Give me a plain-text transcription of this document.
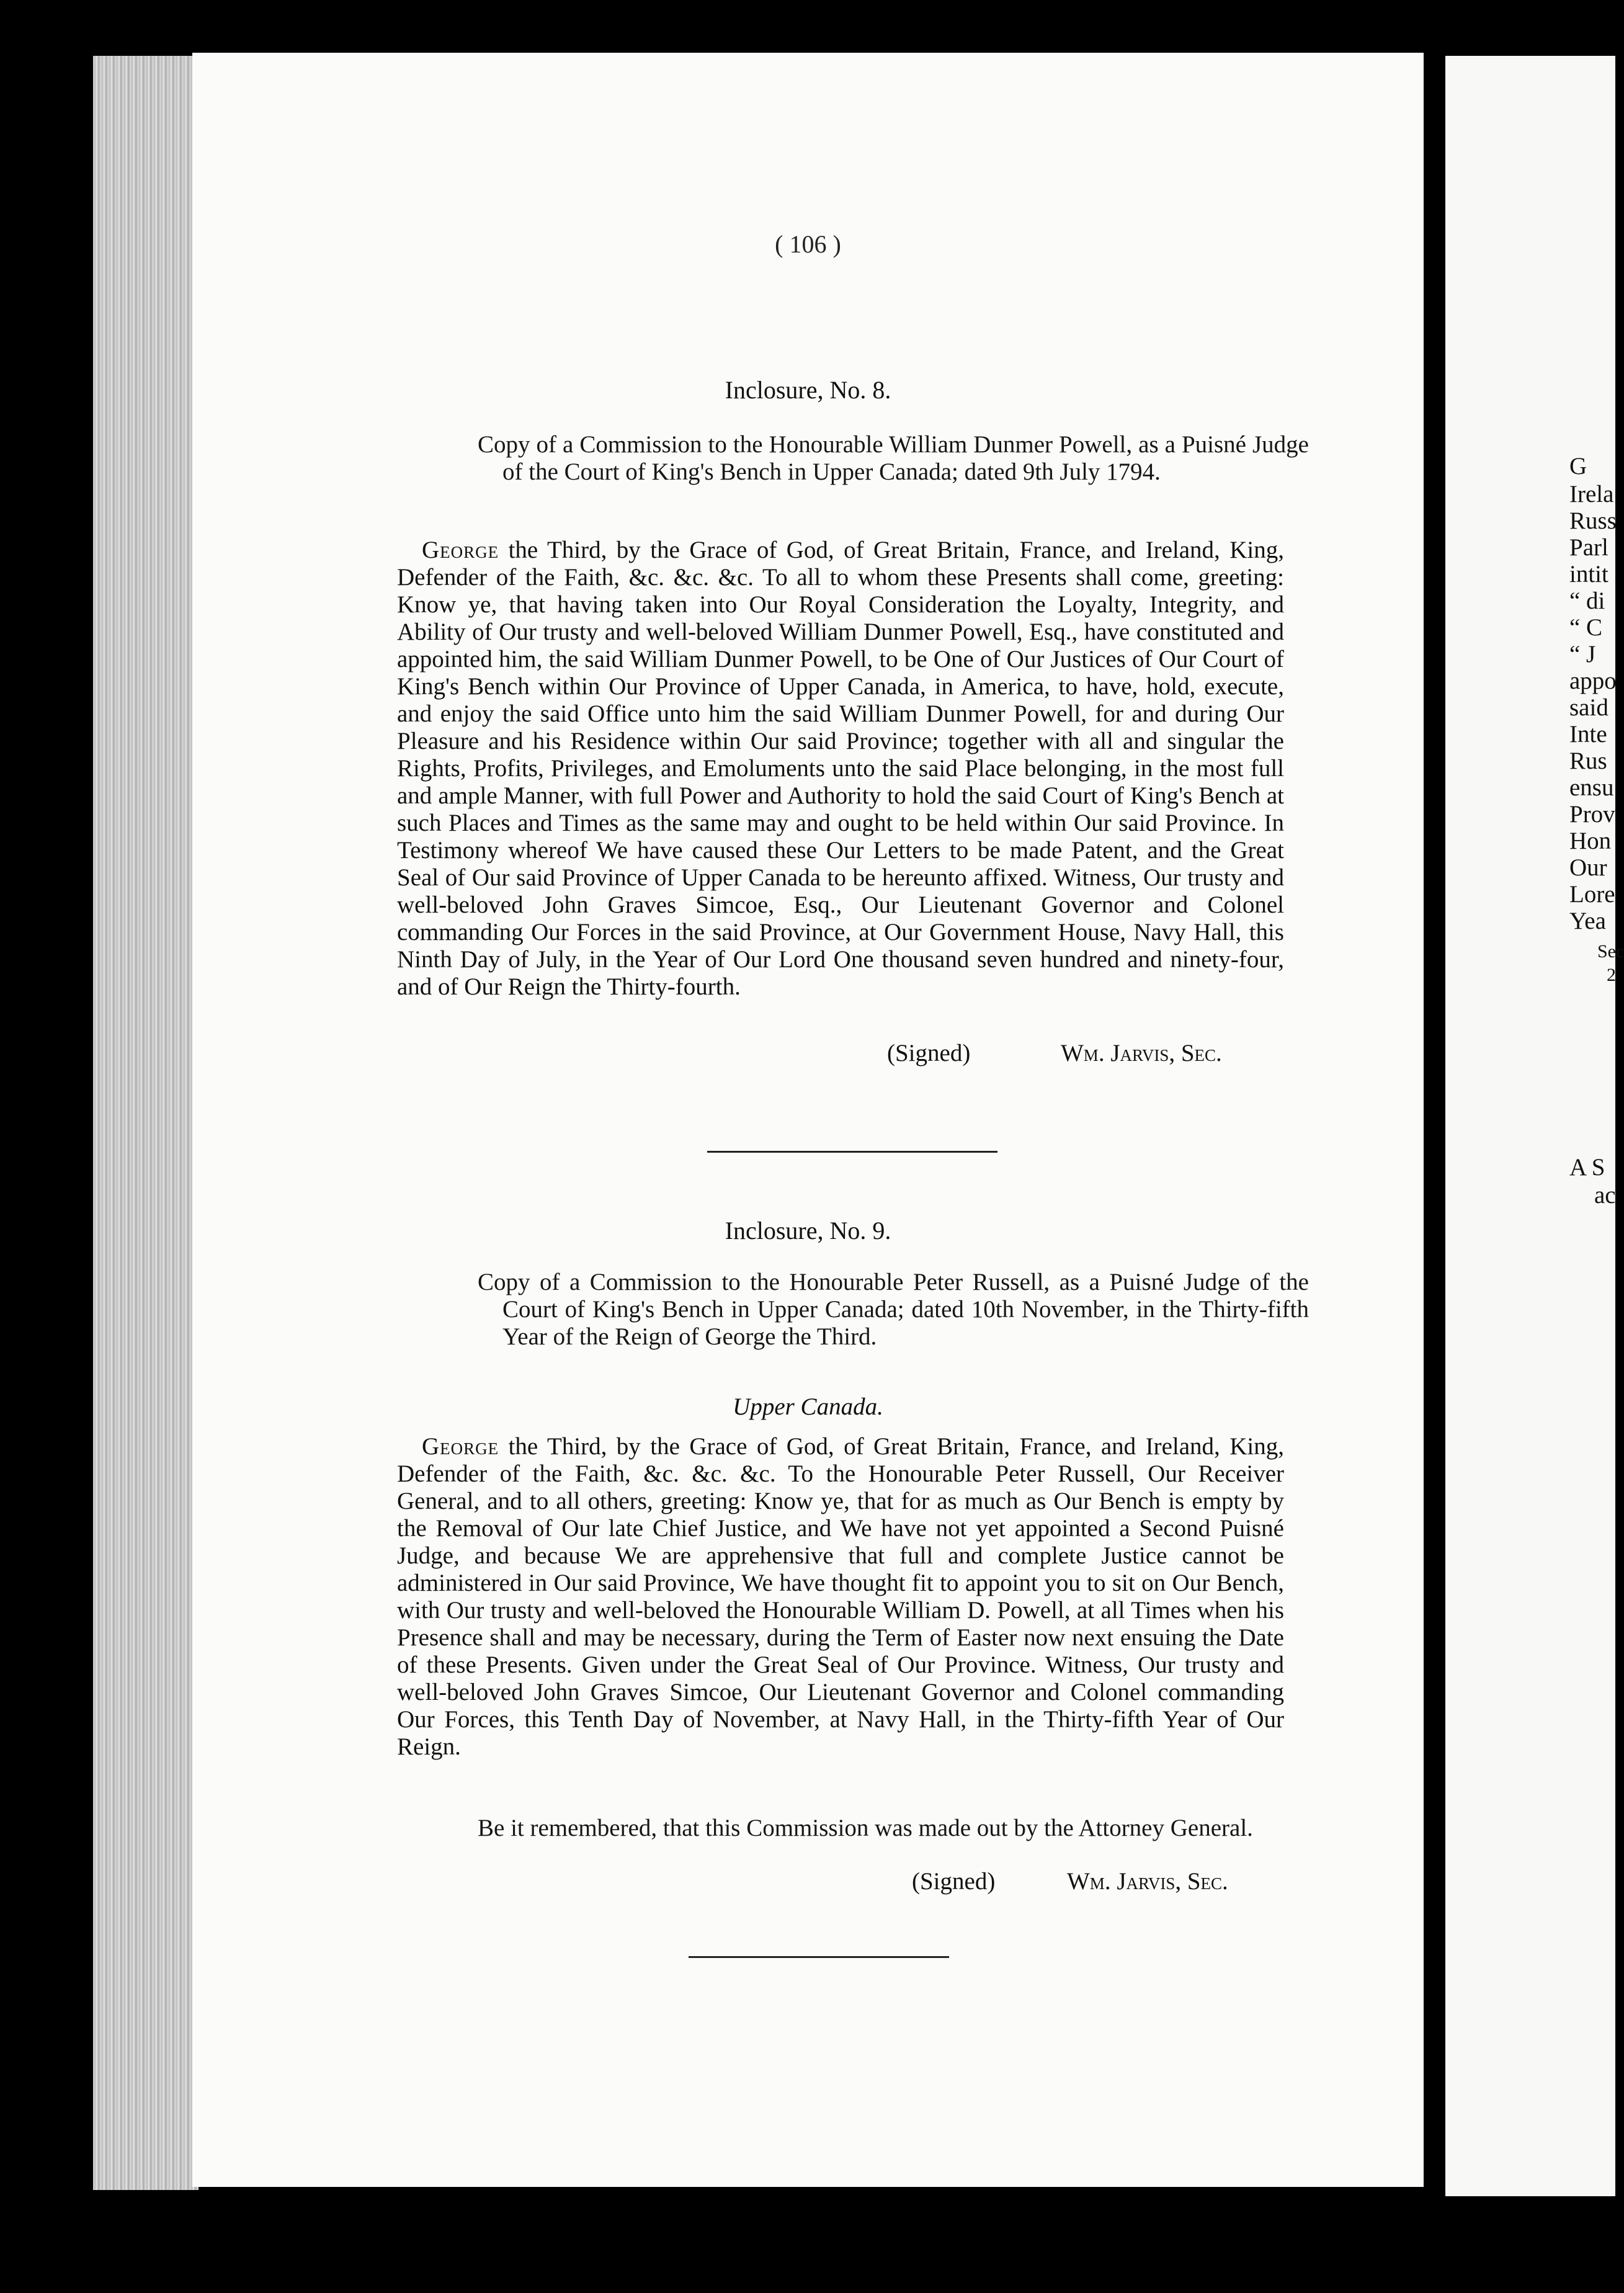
( 106 )
Inclosure, No. 8.
Copy of a Commission to the Honourable William Dunmer Powell, as a Puisné Judge of the Court of King's Bench in Upper Canada; dated 9th July 1794.

George the Third, by the Grace of God, of Great Britain, France, and Ireland, King, Defender of the Faith, &c. &c. &c. To all to whom these Presents shall come, greeting: Know ye, that having taken into Our Royal Consideration the Loyalty, Integrity, and Ability of Our trusty and well-beloved William Dunmer Powell, Esq., have constituted and appointed him, the said William Dunmer Powell, to be One of Our Justices of Our Court of King's Bench within Our Province of Upper Canada, in America, to have, hold, execute, and enjoy the said Office unto him the said William Dunmer Powell, for and during Our Pleasure and his Residence within Our said Province; together with all and singular the Rights, Profits, Privileges, and Emoluments unto the said Place belonging, in the most full and ample Manner, with full Power and Authority to hold the said Court of King's Bench at such Places and Times as the same may and ought to be held within Our said Province. In Testimony whereof We have caused these Our Letters to be made Patent, and the Great Seal of Our said Province of Upper Canada to be hereunto affixed. Witness, Our trusty and well-beloved John Graves Simcoe, Esq., Our Lieutenant Governor and Colonel commanding Our Forces in the said Province, at Our Government House, Navy Hall, this Ninth Day of July, in the Year of Our Lord One thousand seven hundred and ninety-four, and of Our Reign the Thirty-fourth.

(Signed)	Wm. Jarvis, Sec.
Inclosure, No. 9.
Copy of a Commission to the Honourable Peter Russell, as a Puisné Judge of the Court of King's Bench in Upper Canada; dated 10th November, in the Thirty-fifth Year of the Reign of George the Third.
Upper Canada.

George the Third, by the Grace of God, of Great Britain, France, and Ireland, King, Defender of the Faith, &c. &c. &c. To the Honourable Peter Russell, Our Receiver General, and to all others, greeting: Know ye, that for as much as Our Bench is empty by the Removal of Our late Chief Justice, and We have not yet appointed a Second Puisné Judge, and because We are apprehensive that full and complete Justice cannot be administered in Our said Province, We have thought fit to appoint you to sit on Our Bench, with Our trusty and well-beloved the Honourable William D. Powell, at all Times when his Presence shall and may be necessary, during the Term of Easter now next ensuing the Date of these Presents. Given under the Great Seal of Our Province. Witness, Our trusty and well-beloved John Graves Simcoe, Our Lieutenant Governor and Colonel commanding Our Forces, this Tenth Day of November, at Navy Hall, in the Thirty-fifth Year of Our Reign.

Be it remembered, that this Commission was made out by the Attorney General.
(Signed)	Wm. Jarvis, Sec.
G
Irela
Russ
Parl
intit
“ di
“ C
“ J
appo
said
Inte
Rus
ensu
Prov
Hon
Our
Lore
Yea
Sec
2
A S
ac
